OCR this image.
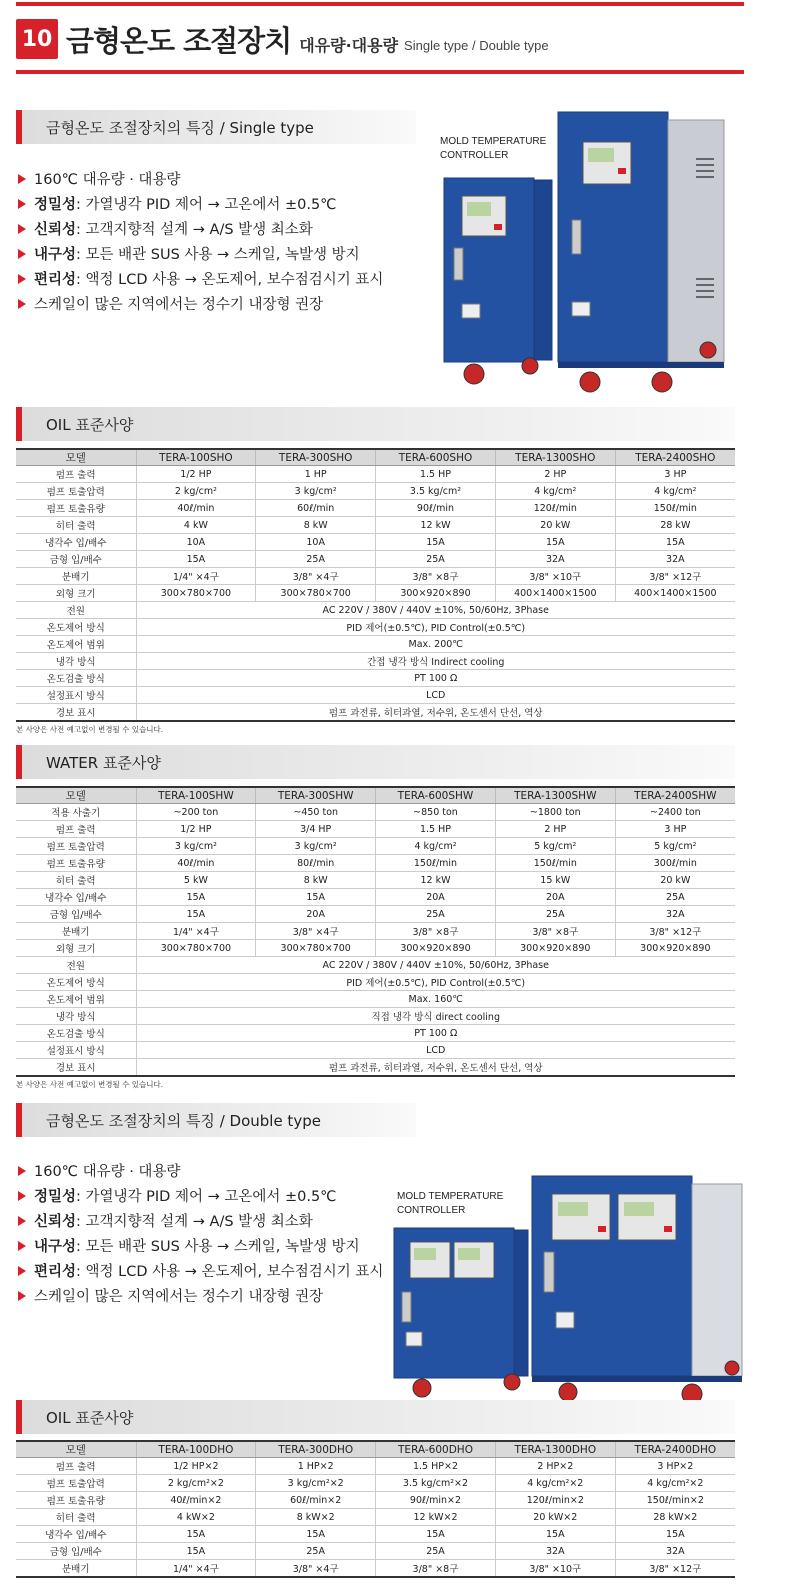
10 금형온도 조절장치 대유량·대용량 Single type / Double type
금형온도 조절장치의 특징 / Single type
160℃ 대유량 · 대용량
정밀성 : 가열냉각 PID 제어 → 고온에서 ±0.5℃
신뢰성 : 고객지향적 설계 → A/S 발생 최소화
내구성 : 모든 배관 SUS 사용 → 스케일, 녹발생 방지
편리성 : 액정 LCD 사용 → 온도제어, 보수점검시기 표시
스케일이 많은 지역에서는 정수기 내장형 권장
MOLD TEMPERATURE
CONTROLLER
OIL 표준사양
모델	TERA-100SHO	TERA-300SHO	TERA-600SHO	TERA-1300SHO	TERA-2400SHO
펌프 출력	1/2 HP	1 HP	1.5 HP	2 HP	3 HP
펌프 토출압력	2 kg/cm²	3 kg/cm²	3.5 kg/cm²	4 kg/cm²	4 kg/cm²
펌프 토출유량	40ℓ/min	60ℓ/min	90ℓ/min	120ℓ/min	150ℓ/min
히터 출력	4 kW	8 kW	12 kW	20 kW	28 kW
냉각수 입/배수	10A	10A	15A	15A	15A
금형 입/배수	15A	25A	25A	32A	32A
분배기	1/4" ×4구	3/8" ×4구	3/8" ×8구	3/8" ×10구	3/8" ×12구
외형 크기	300×780×700	300×780×700	300×920×890	400×1400×1500	400×1400×1500
전원	AC 220V / 380V / 440V ±10%, 50/60Hz, 3Phase				
온도제어 방식	PID 제어(±0.5℃), PID Control(±0.5℃)				
온도제어 범위	Max. 200℃				
냉각 방식	간접 냉각 방식 Indirect cooling				
온도검출 방식	PT 100 Ω				
설정표시 방식	LCD				
경보 표시	펌프 과전류, 히터과열, 저수위, 온도센서 단선, 역상				
본 사양은 사전 예고없이 변경될 수 있습니다.
WATER 표준사양
모델	TERA-100SHW	TERA-300SHW	TERA-600SHW	TERA-1300SHW	TERA-2400SHW
적용 사출기	~200 ton	~450 ton	~850 ton	~1800 ton	~2400 ton
펌프 출력	1/2 HP	3/4 HP	1.5 HP	2 HP	3 HP
펌프 토출압력	3 kg/cm²	3 kg/cm²	4 kg/cm²	5 kg/cm²	5 kg/cm²
펌프 토출유량	40ℓ/min	80ℓ/min	150ℓ/min	150ℓ/min	300ℓ/min
히터 출력	5 kW	8 kW	12 kW	15 kW	20 kW
냉각수 입/배수	15A	15A	20A	20A	25A
금형 입/배수	15A	20A	25A	25A	32A
분배기	1/4" ×4구	3/8" ×4구	3/8" ×8구	3/8" ×8구	3/8" ×12구
외형 크기	300×780×700	300×780×700	300×920×890	300×920×890	300×920×890
전원	AC 220V / 380V / 440V ±10%, 50/60Hz, 3Phase				
온도제어 방식	PID 제어(±0.5℃), PID Control(±0.5℃)				
온도제어 범위	Max. 160℃				
냉각 방식	직접 냉각 방식 direct cooling				
온도검출 방식	PT 100 Ω				
설정표시 방식	LCD				
경보 표시	펌프 과전류, 히터과열, 저수위, 온도센서 단선, 역상				
본 사양은 사전 예고없이 변경될 수 있습니다.
금형온도 조절장치의 특징 / Double type
160℃ 대유량 · 대용량
정밀성 : 가열냉각 PID 제어 → 고온에서 ±0.5℃
신뢰성 : 고객지향적 설계 → A/S 발생 최소화
내구성 : 모든 배관 SUS 사용 → 스케일, 녹발생 방지
편리성 : 액정 LCD 사용 → 온도제어, 보수점검시기 표시
스케일이 많은 지역에서는 정수기 내장형 권장
MOLD TEMPERATURE
CONTROLLER
OIL 표준사양
모델	TERA-100DHO	TERA-300DHO	TERA-600DHO	TERA-1300DHO	TERA-2400DHO
펌프 출력	1/2 HP×2	1 HP×2	1.5 HP×2	2 HP×2	3 HP×2
펌프 토출압력	2 kg/cm²×2	3 kg/cm²×2	3.5 kg/cm²×2	4 kg/cm²×2	4 kg/cm²×2
펌프 토출유량	40ℓ/min×2	60ℓ/min×2	90ℓ/min×2	120ℓ/min×2	150ℓ/min×2
히터 출력	4 kW×2	8 kW×2	12 kW×2	20 kW×2	28 kW×2
냉각수 입/배수	15A	15A	15A	15A	15A
금형 입/배수	15A	25A	25A	32A	32A
분배기	1/4" ×4구	3/8" ×4구	3/8" ×8구	3/8" ×10구	3/8" ×12구
